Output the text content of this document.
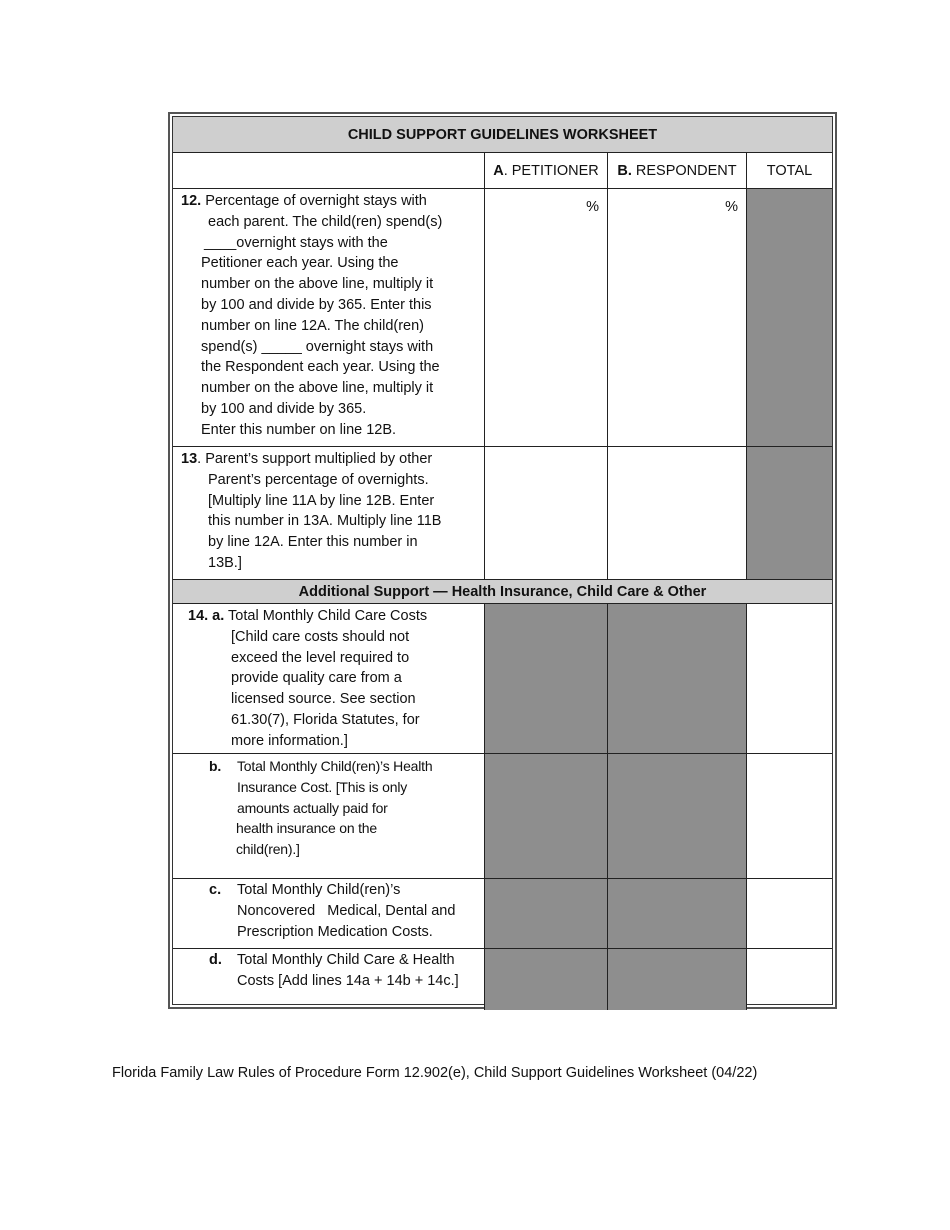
CHILD SUPPORT GUIDELINES WORKSHEET
A . PETITIONER B. RESPONDENT TOTAL

12. Percentage of overnight stays with

each parent. The child(ren) spend(s)

____overnight stays with the

Petitioner each year. Using the

number on the above line, multiply it

by 100 and divide by 365. Enter this

number on line 12A. The child(ren)

spend(s) _____ overnight stays with

the Respondent each year. Using the

number on the above line, multiply it

by 100 and divide by 365.

Enter this number on line 12B.

%	%

13. Parent’s support multiplied by other

Parent’s percentage of overnights.

[Multiply line 11A by line 12B. Enter

this number in 13A. Multiply line 11B

by line 12A. Enter this number in

13B.]

Additional Support — Health Insurance, Child Care & Other

14. a. Total Monthly Child Care Costs

[Child care costs should not

exceed the level required to

provide quality care from a

licensed source. See section

61.30(7), Florida Statutes, for

more information.]

b. Total Monthly Child(ren)’s Health

Insurance Cost. [This is only

amounts actually paid for

health insurance on the

child(ren).]

c. Total Monthly Child(ren)’s

Noncovered   Medical, Dental and

Prescription Medication Costs.

d. Total Monthly Child Care & Health

Costs [Add lines 14a + 14b + 14c.]

Florida Family Law Rules of Procedure Form 12.902(e), Child Support Guidelines Worksheet (04/22)
